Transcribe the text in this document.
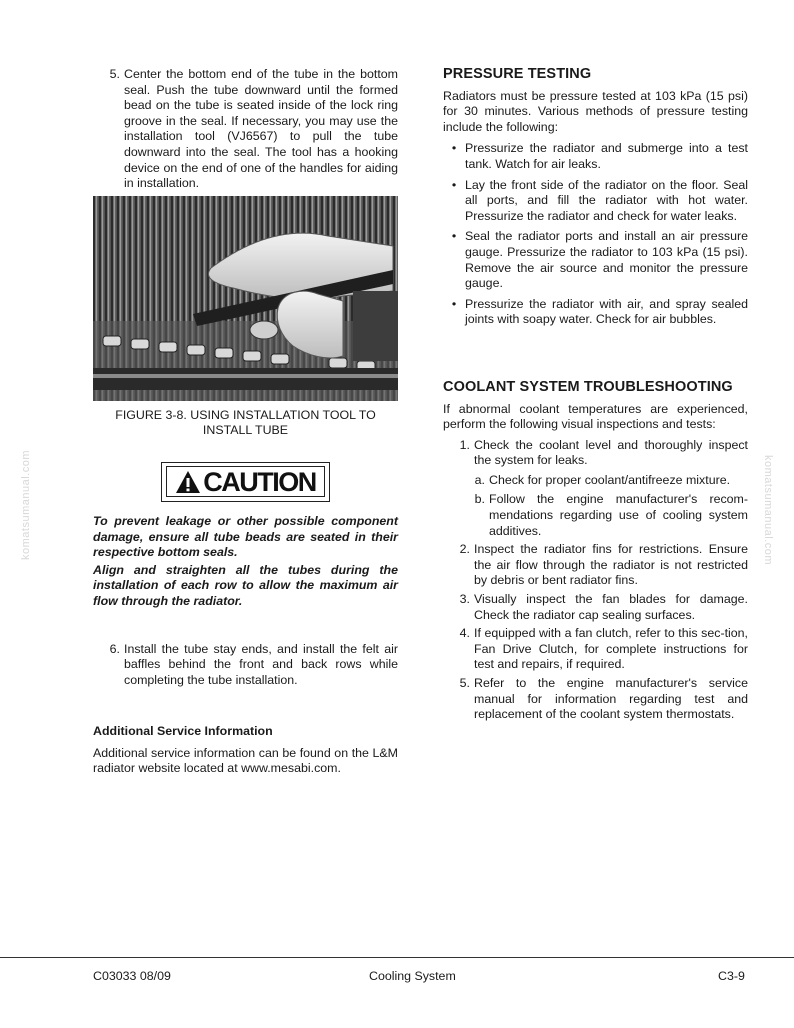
komatsumanual.com	komatsumanual.com
5. Center the bottom end of the tube in the bottom seal. Push the tube downward until the formed bead on the tube is seated inside of the lock ring groove in the seal. If necessary, you may use the installation tool (VJ6567) to pull the tube downward into the seal. The tool has a hooking device on the end of one of the handles for aiding in installation.
FIGURE 3-8. USING INSTALLATION TOOL TO INSTALL TUBE
CAUTION
To prevent leakage or other possible component damage, ensure all tube beads are seated in their respective bottom seals.
Align and straighten all the tubes during the installation of each row to allow the maximum air flow through the radiator.
6. Install the tube stay ends, and install the felt air baffles behind the front and back rows while completing the tube installation.
Additional Service Information
Additional service information can be found on the L&M radiator website located at www.mesabi.com.
PRESSURE TESTING
Radiators must be pressure tested at 103 kPa (15 psi) for 30 minutes. Various methods of pressure testing include the following:
• Pressurize the radiator and submerge into a test tank. Watch for air leaks.
• Lay the front side of the radiator on the floor. Seal all ports, and fill the radiator with hot water. Pressurize the radiator and check for water leaks.
• Seal the radiator ports and install an air pressure gauge. Pressurize the radiator to 103 kPa (15 psi). Remove the air source and monitor the pressure gauge.
• Pressurize the radiator with air, and spray sealed joints with soapy water. Check for air bubbles.
COOLANT SYSTEM TROUBLESHOOTING
If abnormal coolant temperatures are experienced, perform the following visual inspections and tests:
1. Check the coolant level and thoroughly inspect the system for leaks.
a. Check for proper coolant/antifreeze mixture.
b. Follow the engine manufacturer's recom-mendations regarding use of cooling system additives.
2. Inspect the radiator fins for restrictions. Ensure the air flow through the radiator is not restricted by debris or bent radiator fins.
3. Visually inspect the fan blades for damage. Check the radiator cap sealing surfaces.
4. If equipped with a fan clutch, refer to this sec-tion, Fan Drive Clutch, for complete instructions for test and repairs, if required.
5. Refer to the engine manufacturer's service manual for information regarding test and replacement of the coolant system thermostats.
C03033 08/09	Cooling System	C3-9
